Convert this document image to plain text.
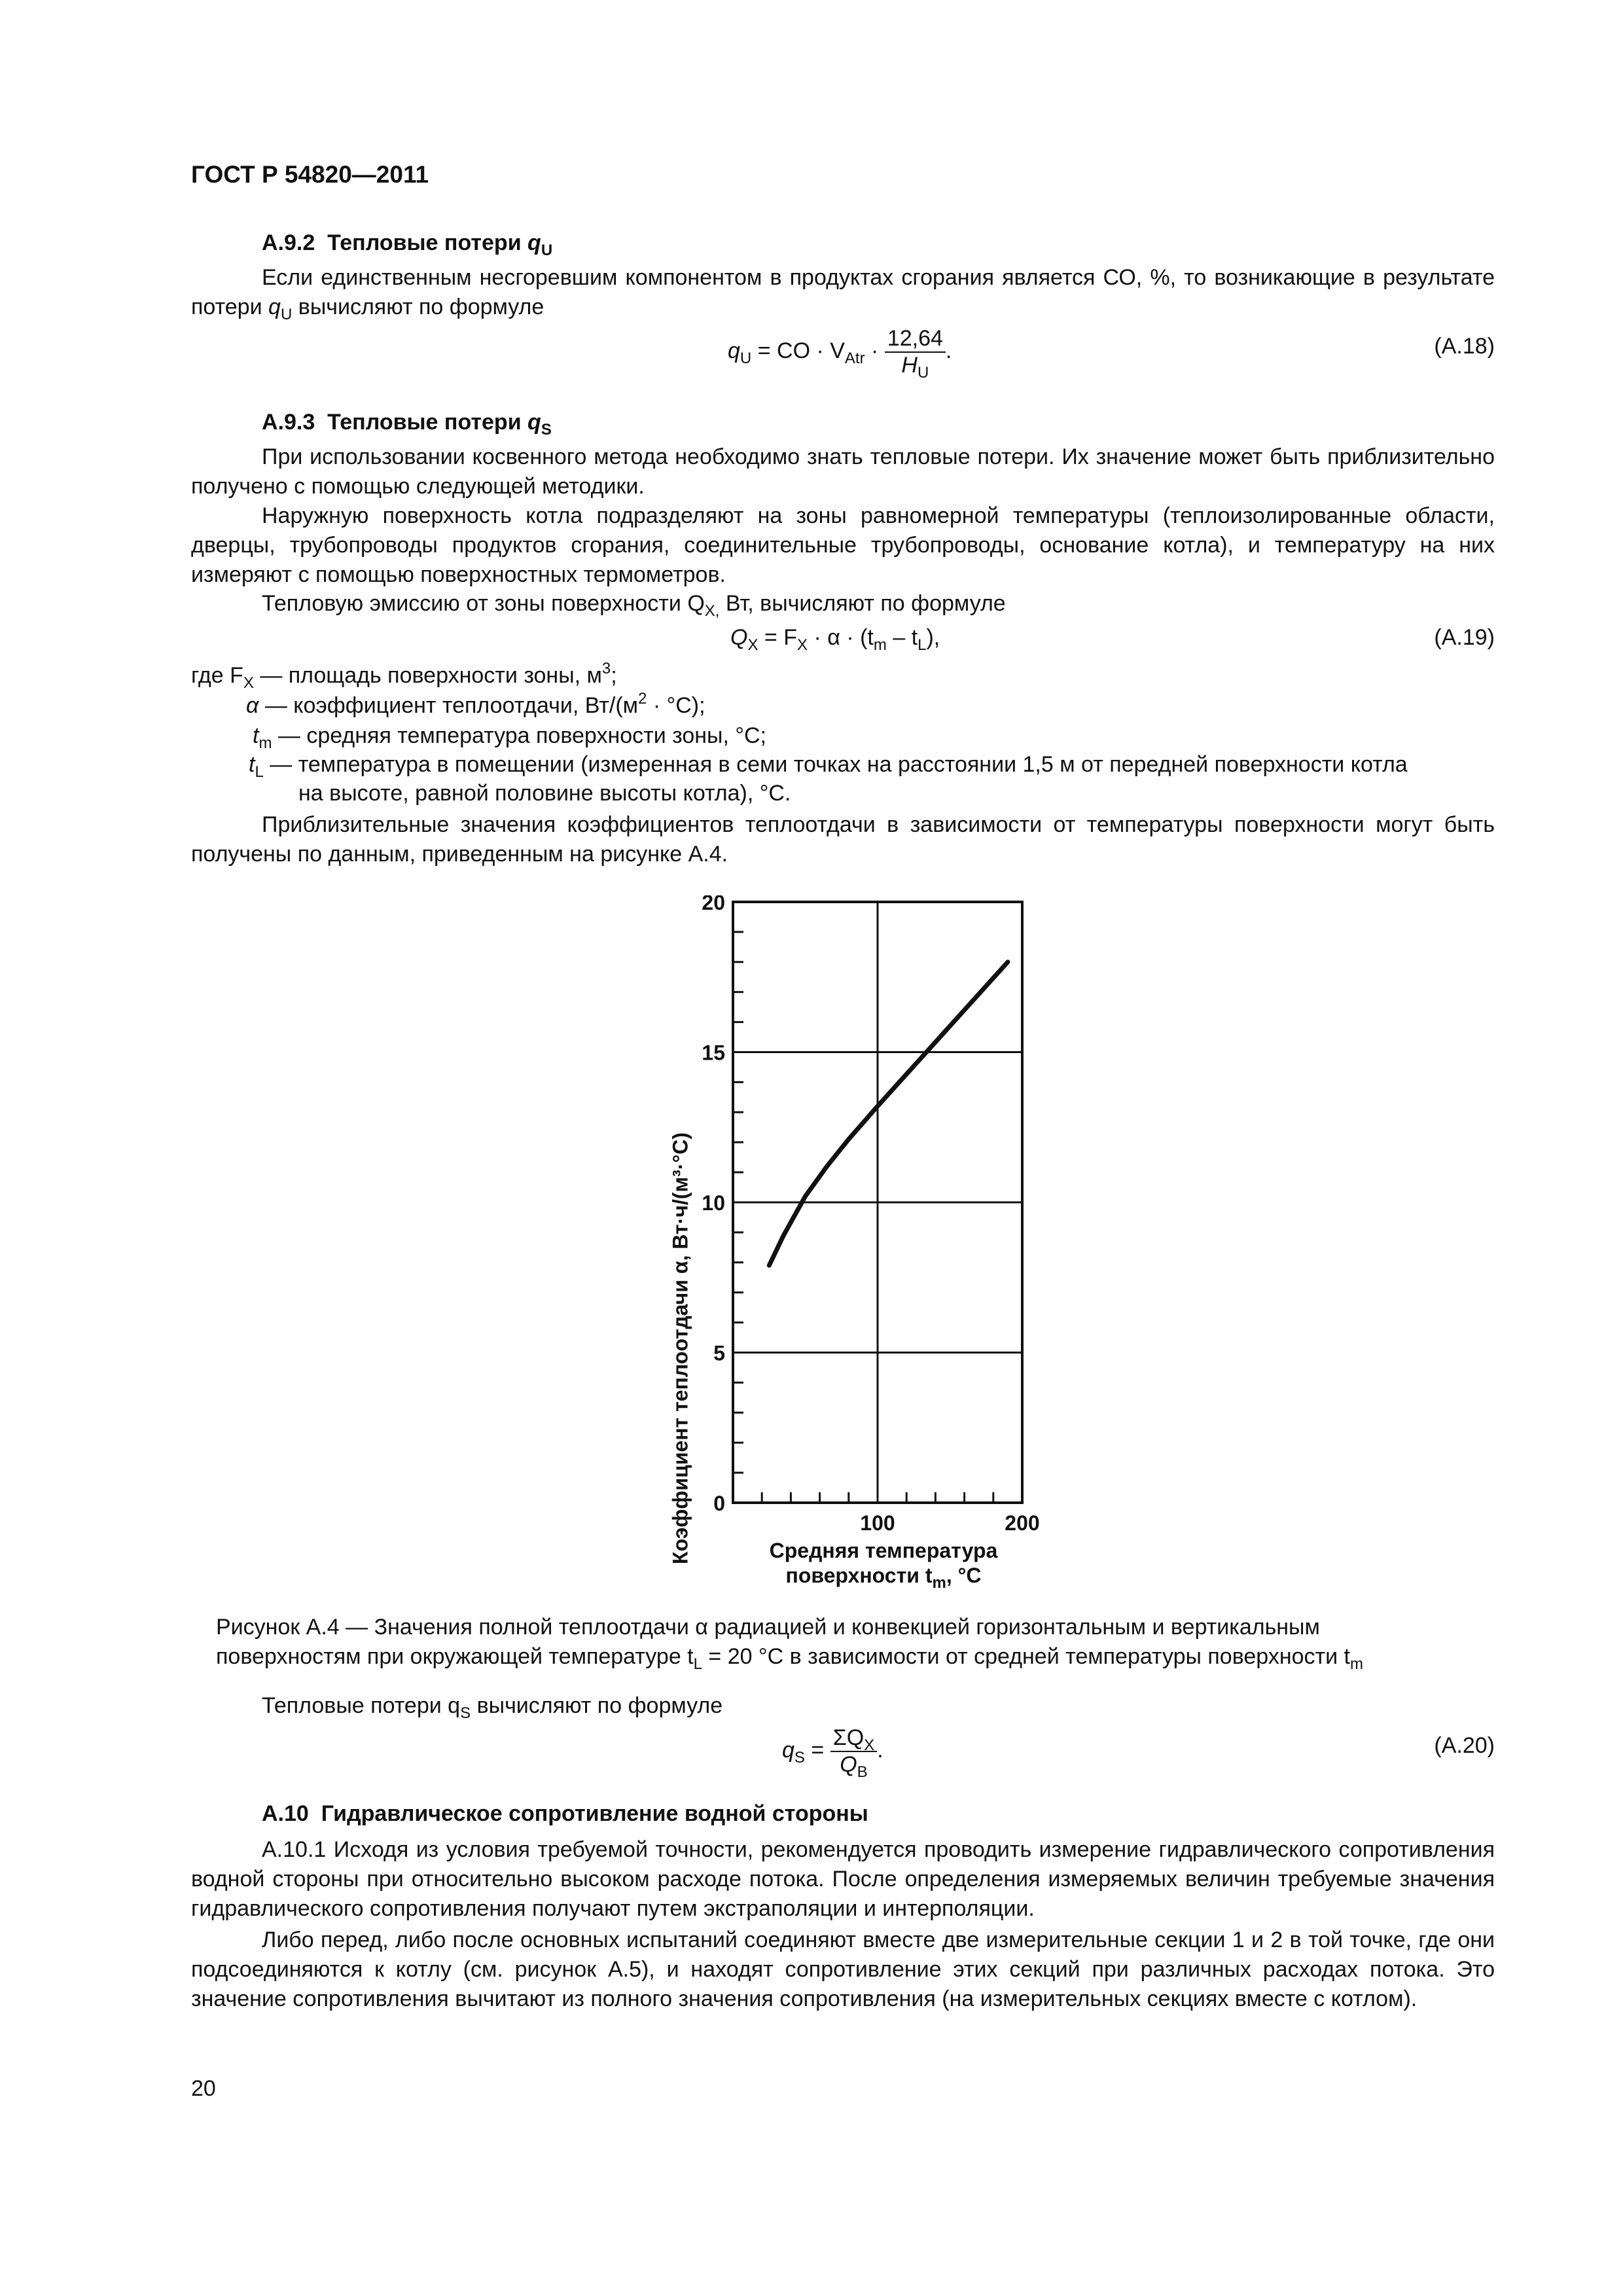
ГОСТ Р 54820—2011
А.9.2 Тепловые потери $q_U$
Если единственным несгоревшим компонентом в продуктах сгорания является СО, %, то возникающие в результате потери $q_U$ вычисляют по формуле
$q_U$ = CO · $V_{Atr} \cdot \frac{12,64}{H_U}$ .	(A.18)
А.9.3 Тепловые потери $q_S$
При использовании косвенного метода необходимо знать тепловые потери. Их значение может быть приблизительно получено с помощью следующей методики.
Наружную поверхность котла подразделяют на зоны равномерной температуры (теплоизолированные области, дверцы, трубопроводы продуктов сгорания, соединительные трубопроводы, основание котла), и температуру на них измеряют с помощью поверхностных термометров.
Тепловую эмиссию от зоны поверхности $Q_{X,}$ Вт, вычисляют по формуле
$Q_X = F_X \cdot \alpha \cdot (t_m - t_L)$,	(A.19)
где $F_X$ — площадь поверхности зоны, $м^3$;
α — коэффициент теплоотдачи, $Вт/(м^2 \cdot ^\circ С)$;
$t_m$ — средняя температура поверхности зоны, °С;
$t_L$ — температура в помещении (измеренная в семи точках на расстоянии 1,5 м от передней поверхности котла
на высоте, равной половине высоты котла), °С.
Приблизительные значения коэффициентов теплоотдачи в зависимости от температуры поверхности могут быть получены по данным, приведенным на рисунке А.4.
0
5
10
15
20
100	200
Коэффициент теплоотдачи α, Вт·ч/(м³·°С)	Средняя температура
поверхности $t_m$, °С
Рисунок А.4 — Значения полной теплоотдачи α радиацией и конвекцией горизонтальным и вертикальным
поверхностям при окружающей температуре $t_L = 20$ °С в зависимости от средней температуры поверхности $t_m$
Тепловые потери $q_S$ вычисляют по формуле
$q_S = \frac{\Sigma Q_X}{Q_B}$ .	(A.20)
А.10 Гидравлическое сопротивление водной стороны
А.10.1 Исходя из условия требуемой точности, рекомендуется проводить измерение гидравлического сопротивления водной стороны при относительно высоком расходе потока. После определения измеряемых величин требуемые значения гидравлического сопротивления получают путем экстраполяции и интерполяции.
Либо перед, либо после основных испытаний соединяют вместе две измерительные секции 1 и 2 в той точке, где они подсоединяются к котлу (см. рисунок А.5), и находят сопротивление этих секций при различных расходах потока. Это значение сопротивления вычитают из полного значения сопротивления (на измерительных секциях вместе с котлом).
20
